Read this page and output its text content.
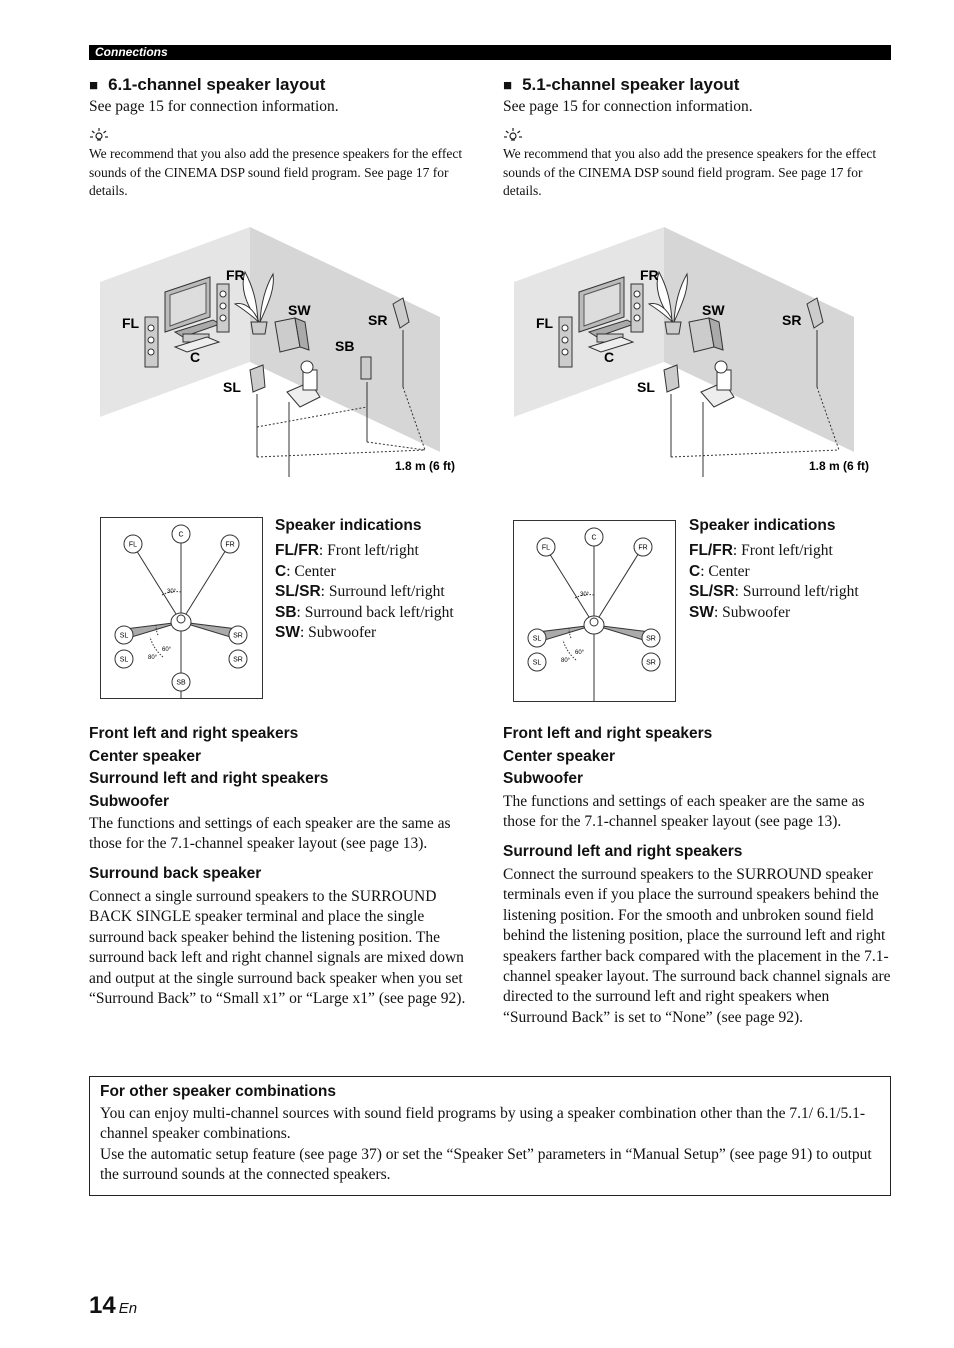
Connections
■ 6.1-channel speaker layout
See page 15 for connection information.
We recommend that you also add the presence speakers for the effect sounds of the CINEMA DSP sound field program. See page 17 for details.
FR
FL
C
SW
SR
SB
SL
1.8 m (6 ft)
C
FL	FR
SL
SL
SR
SR
SB
30°
60°
80°
Speaker indications
FL/FR: Front left/right
C: Center
SL/SR: Surround left/right
SB: Surround back left/right
SW: Subwoofer
Front left and right speakers
Center speaker
Surround left and right speakers
Subwoofer
The functions and settings of each speaker are the same as those for the 7.1-channel speaker layout (see page 13).
Surround back speaker
Connect a single surround speakers to the SURROUND BACK SINGLE speaker terminal and place the single surround back speaker behind the listening position. The surround back left and right channel signals are mixed down and output at the single surround back speaker when you set “Surround Back” to “Small x1” or “Large x1” (see page 92).
■ 5.1-channel speaker layout
See page 15 for connection information.
We recommend that you also add the presence speakers for the effect sounds of the CINEMA DSP sound field program. See page 17 for details.
FR
FL
C
SW
SR
SL
1.8 m (6 ft)
C
FL	FR
SL
SL
SR
SR
30°
60°
80°
Speaker indications
FL/FR: Front left/right
C: Center
SL/SR: Surround left/right
SW: Subwoofer
Front left and right speakers
Center speaker
Subwoofer
The functions and settings of each speaker are the same as those for the 7.1-channel speaker layout (see page 13).
Surround left and right speakers
Connect the surround speakers to the SURROUND speaker terminals even if you place the surround speakers behind the listening position. For the smooth and unbroken sound field behind the listening position, place the surround left and right speakers farther back compared with the placement in the 7.1-channel speaker layout. The surround back channel signals are directed to the surround left and right speakers when “Surround Back” is set to “None” (see page 92).
For other speaker combinations
You can enjoy multi-channel sources with sound field programs by using a speaker combination other than the 7.1/ 6.1/5.1-channel speaker combinations.
Use the automatic setup feature (see page 37) or set the “Speaker Set” parameters in “Manual Setup” (see page 91) to output the surround sounds at the connected speakers.
14 En
